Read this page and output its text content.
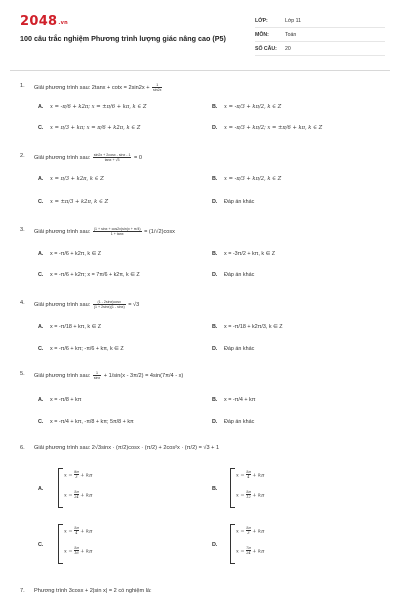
2048.vn
100 câu trắc nghiệm Phương trình lượng giác nâng cao (P5)
LỚP:	Lớp 11
MÔN:	Toán
SỐ CÂU: 20
1. Giải phương trình sau: $2\tan x + \cot x = 2\sin 2x + \frac{1}{\sin 2x}$
A. x = -π/6 + k2π; x = ±π/6 + kπ, k ∈ Z	B. x = -π/3 + kπ/2, k ∈ Z
C. x = π/3 + kπ; x = π/6 + k2π, k ∈ Z	D. x = -π/3 + kπ/2; x = ±π/6 + kπ, k ∈ Z
2. Giải phương trình sau: $\frac{\sin 2x + 2\cos x - \sin x - 1}{\tan x + √3} = 0$
A. x = π/3 + k2π, k ∈ Z	B. x = -π/3 + kπ/2, k ∈ Z
C. x = ±π/3 + k2π, k ∈ Z	D. Đáp án khác
3. Giải phương trình sau: $\frac{(1 + \sin x + \cos 2x)\sin(x + \pi/4)}{1 + \tan x} = (1/√2)\cos x$
A. x = -π/6 + k2π, k ∈ Z	B. x = -3π/2 + kπ, k ∈ Z
C. x = -π/6 + k2π; x = 7π/6 + k2π, k ∈ Z	D. Đáp án khác
4. Giải phương trình sau: $\frac{(1 - 2\sin x)\cos x}{(1 + 2\sin x)(1 - \sin x)} = √3$
A. x = -π/18 + kπ, k ∈ Z	B. x = -π/18 + k2π/3, k ∈ Z
C. x = -π/6 + kπ; -π/6 + kπ, k ∈ Z	D. Đáp án khác
5. Giải phương trình sau: $\frac{1}{\sin x} + 1/\sin(x - 3\pi/2) = 4\sin(7\pi/4 - x)$
A. x = -π/8 + kπ	B. x = -π/4 + kπ
C. x = -π/4 + kπ, -π/8 + kπ; 5π/8 + kπ	D. Đáp án khác
6. Giải phương trình sau: 2√3sinx · (π/2)cosx · (π/2) + 2cos²x · (π/2) = √3 + 1
A.
$x = \frac{8\pi}{3} + k\pi$
$x = \frac{5\pi}{24} + k\pi$
B.
$x = \frac{5\pi}{4} + k\pi$
$x = \frac{5\pi}{12} + k\pi$
C.
$x = \frac{5\pi}{4} + k\pi$
$x = \frac{5\pi}{16} + k\pi$
D.
$x = \frac{5\pi}{3} + k\pi$
$x = \frac{7\pi}{24} + k\pi$
7. Phương trình 3cosx + 2|sin x| = 2 có nghiệm là:
